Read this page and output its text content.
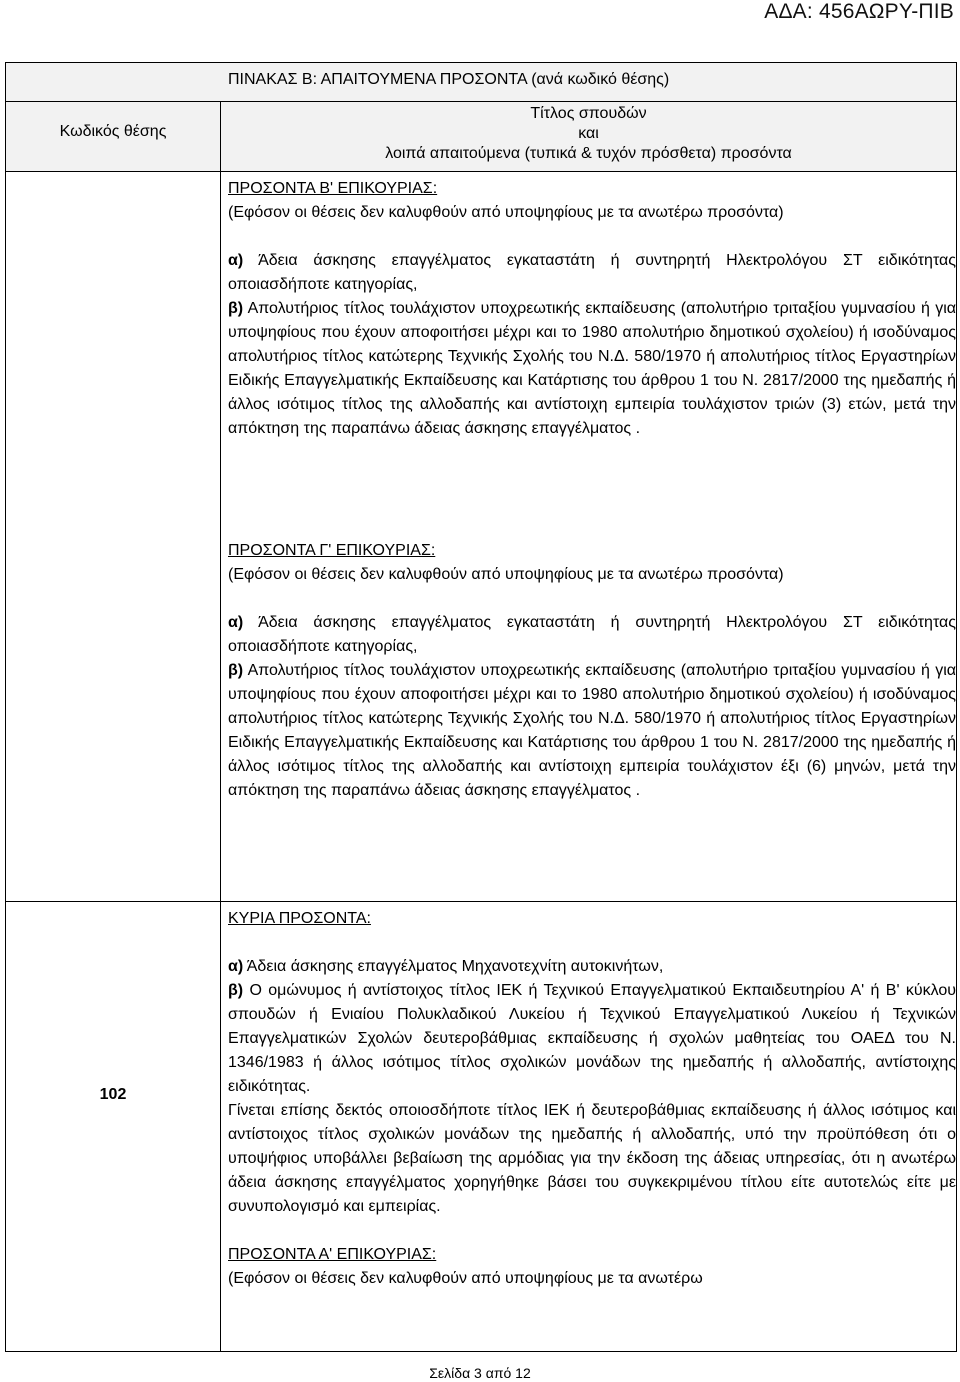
ΑΔΑ: 456ΑΩΡΥ-ΠΙΒ
ΠΙΝΑΚΑΣ Β: ΑΠΑΙΤΟΥΜΕΝΑ ΠΡΟΣΟΝΤΑ (ανά κωδικό θέσης)
Κωδικός θέσης
Τίτλος σπουδών
και
λοιπά απαιτούμενα (τυπικά & τυχόν πρόσθετα) προσόντα
ΠΡΟΣΟΝΤΑ Β' ΕΠΙΚΟΥΡΙΑΣ:

(Εφόσον οι θέσεις δεν καλυφθούν από υποψηφίους με τα ανωτέρω προσόντα)

α) Άδεια άσκησης επαγγέλματος εγκαταστάτη ή συντηρητή Ηλεκτρολόγου ΣΤ ειδικότητας οποιασδήποτε κατηγορίας,

β) Απολυτήριος τίτλος τουλάχιστον υποχρεωτικής εκπαίδευσης (απολυτήριο τριταξίου γυμνασίου ή για υποψηφίους που έχουν αποφοιτήσει μέχρι και το 1980 απολυτήριο δημοτικού σχολείου) ή ισοδύναμος απολυτήριος τίτλος κατώτερης Τεχνικής Σχολής του Ν.Δ. 580/1970 ή απολυτήριος τίτλος Εργαστηρίων Ειδικής Επαγγελματικής Εκπαίδευσης και Κατάρτισης του άρθρου 1 του Ν. 2817/2000 της ημεδαπής ή άλλος ισότιμος τίτλος της αλλοδαπής και αντίστοιχη εμπειρία τουλάχιστον τριών (3) ετών, μετά την απόκτηση της παραπάνω άδειας άσκησης επαγγέλματος .

ΠΡΟΣΟΝΤΑ Γ' ΕΠΙΚΟΥΡΙΑΣ:

(Εφόσον οι θέσεις δεν καλυφθούν από υποψηφίους με τα ανωτέρω προσόντα)

α) Άδεια άσκησης επαγγέλματος εγκαταστάτη ή συντηρητή Ηλεκτρολόγου ΣΤ ειδικότητας οποιασδήποτε κατηγορίας,

β) Απολυτήριος τίτλος τουλάχιστον υποχρεωτικής εκπαίδευσης (απολυτήριο τριταξίου γυμνασίου ή για υποψηφίους που έχουν αποφοιτήσει μέχρι και το 1980 απολυτήριο δημοτικού σχολείου) ή ισοδύναμος απολυτήριος τίτλος κατώτερης Τεχνικής Σχολής του Ν.Δ. 580/1970 ή απολυτήριος τίτλος Εργαστηρίων Ειδικής Επαγγελματικής Εκπαίδευσης και Κατάρτισης του άρθρου 1 του Ν. 2817/2000 της ημεδαπής ή άλλος ισότιμος τίτλος της αλλοδαπής και αντίστοιχη εμπειρία τουλάχιστον έξι (6) μηνών, μετά την απόκτηση της παραπάνω άδειας άσκησης επαγγέλματος .

102
ΚΥΡΙΑ ΠΡΟΣΟΝΤΑ:

α) Άδεια άσκησης επαγγέλματος Μηχανοτεχνίτη αυτοκινήτων,

β) Ο ομώνυμος ή αντίστοιχος τίτλος ΙΕΚ ή Τεχνικού Επαγγελματικού Εκπαιδευτηρίου Α' ή Β' κύκλου σπουδών ή Ενιαίου Πολυκλαδικού Λυκείου ή Τεχνικού Επαγγελματικού Λυκείου ή Τεχνικών Επαγγελματικών Σχολών δευτεροβάθμιας εκπαίδευσης ή σχολών μαθητείας του ΟΑΕΔ του Ν. 1346/1983 ή άλλος ισότιμος τίτλος σχολικών μονάδων της ημεδαπής ή αλλοδαπής, αντίστοιχης ειδικότητας.

Γίνεται επίσης δεκτός οποιοσδήποτε τίτλος ΙΕΚ ή δευτεροβάθμιας εκπαίδευσης ή άλλος ισότιμος και αντίστοιχος τίτλος σχολικών μονάδων της ημεδαπής ή αλλοδαπής, υπό την προϋπόθεση ότι ο υποψήφιος υποβάλλει βεβαίωση της αρμόδιας για την έκδοση της άδειας υπηρεσίας, ότι η ανωτέρω άδεια άσκησης επαγγέλματος χορηγήθηκε βάσει του συγκεκριμένου τίτλου είτε αυτοτελώς είτε με συνυπολογισμό και εμπειρίας.

ΠΡΟΣΟΝΤΑ Α' ΕΠΙΚΟΥΡΙΑΣ:

(Εφόσον οι θέσεις δεν καλυφθούν από υποψηφίους με τα ανωτέρω

Σελίδα 3 από 12
